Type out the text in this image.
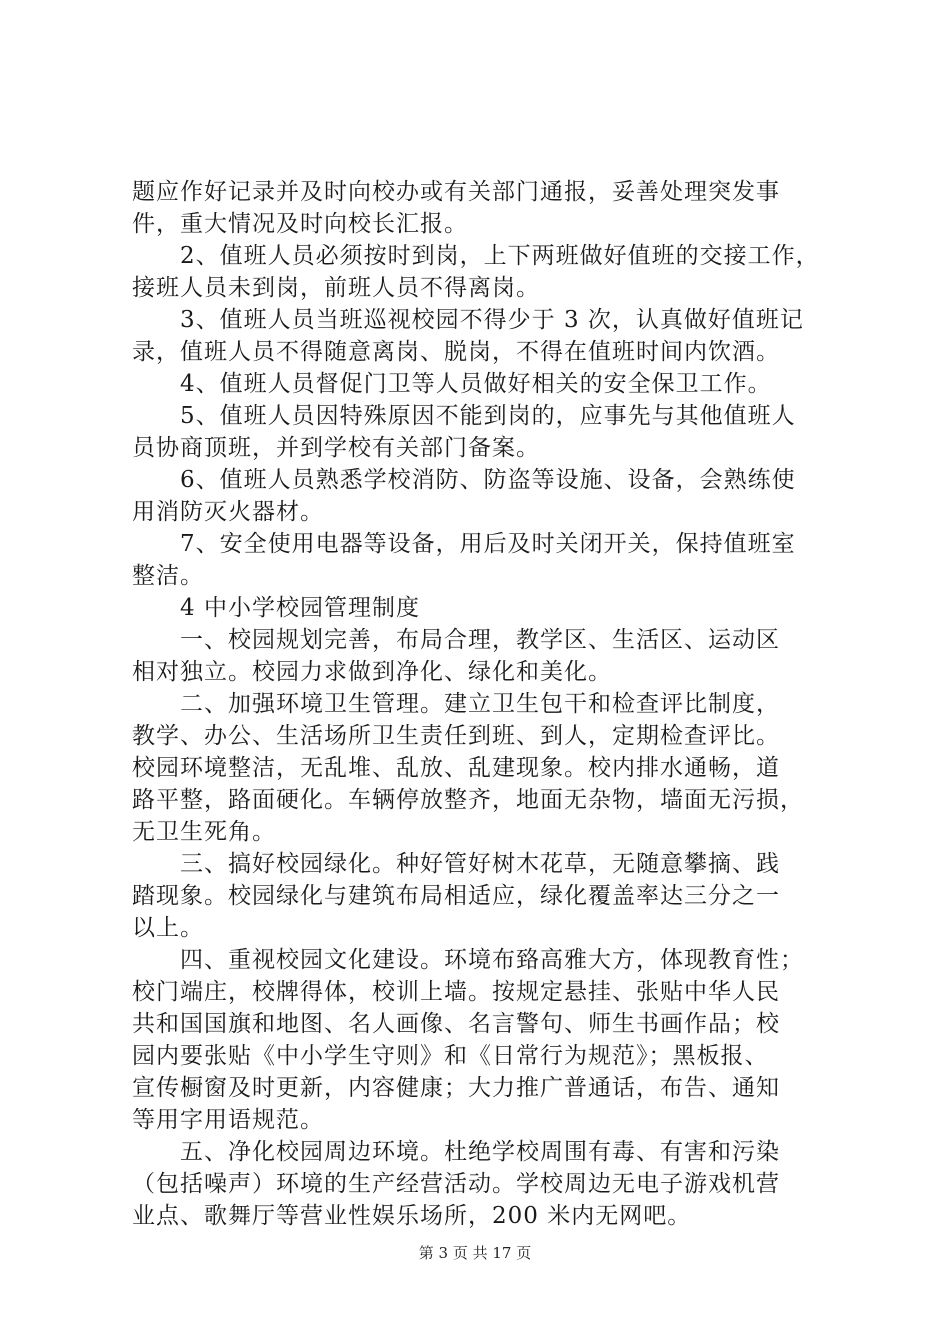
题应作好记录并及时向校办或有关部门通报，妥善处理突发事
件，重大情况及时向校长汇报。
　　2、值班人员必须按时到岗，上下两班做好值班的交接工作，
接班人员未到岗，前班人员不得离岗。
　　3、值班人员当班巡视校园不得少于 3 次，认真做好值班记
录，值班人员不得随意离岗、脱岗，不得在值班时间内饮酒。
　　4、值班人员督促门卫等人员做好相关的安全保卫工作。
　　5、值班人员因特殊原因不能到岗的，应事先与其他值班人
员协商顶班，并到学校有关部门备案。
　　6、值班人员熟悉学校消防、防盗等设施、设备，会熟练使
用消防灭火器材。
　　7、安全使用电器等设备，用后及时关闭开关，保持值班室
整洁。
　　4 中小学校园管理制度
　　一、校园规划完善，布局合理，教学区、生活区、运动区
相对独立。校园力求做到净化、绿化和美化。
　　二、加强环境卫生管理。建立卫生包干和检查评比制度，
教学、办公、生活场所卫生责任到班、到人，定期检查评比。
校园环境整洁，无乱堆、乱放、乱建现象。校内排水通畅，道
路平整，路面硬化。车辆停放整齐，地面无杂物，墙面无污损，
无卫生死角。
　　三、搞好校园绿化。种好管好树木花草，无随意攀摘、践
踏现象。校园绿化与建筑布局相适应，绿化覆盖率达三分之一
以上。
　　四、重视校园文化建设。环境布臵高雅大方，体现教育性；
校门端庄，校牌得体，校训上墙。按规定悬挂、张贴中华人民
共和国国旗和地图、名人画像、名言警句、师生书画作品；校
园内要张贴《中小学生守则》和《日常行为规范》；黑板报、
宣传橱窗及时更新，内容健康；大力推广普通话，布告、通知
等用字用语规范。
　　五、净化校园周边环境。杜绝学校周围有毒、有害和污染
（包括噪声）环境的生产经营活动。学校周边无电子游戏机营
业点、歌舞厅等营业性娱乐场所，200 米内无网吧。
第 3 页 共 17 页
